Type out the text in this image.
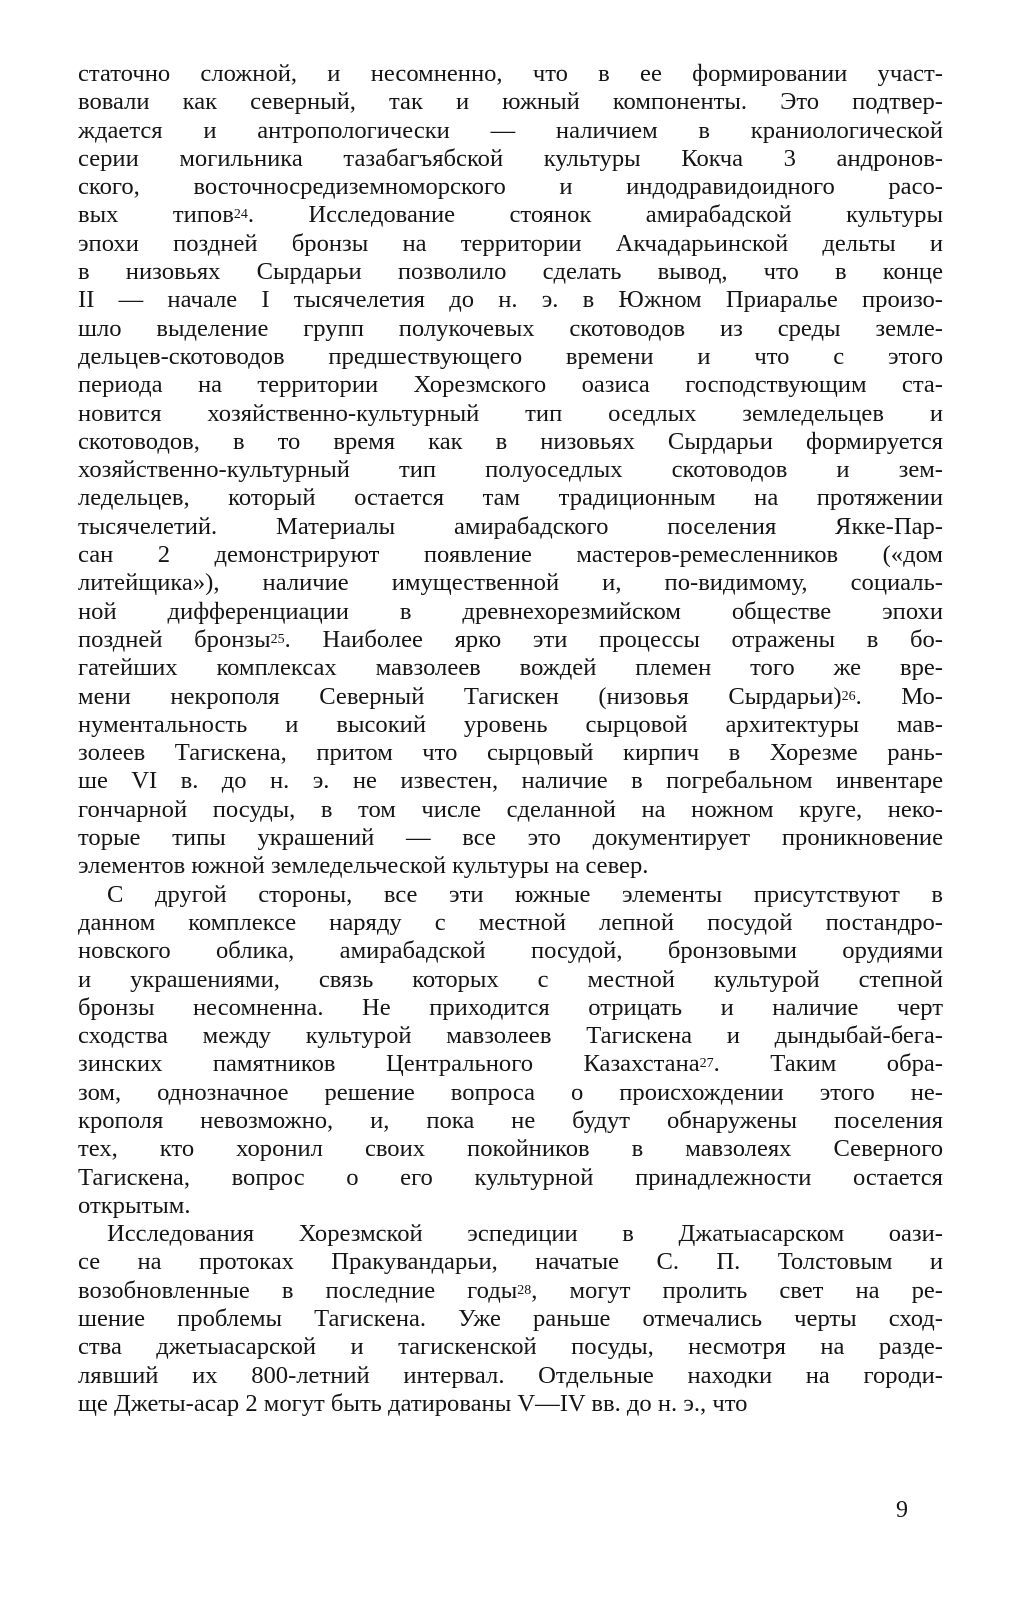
статочно сложной, и несомненно, что в ее формировании участ-
вовали как северный, так и южный компоненты. Это подтвер-
ждается и антропологически — наличием в краниологической
серии могильника тазабагъябской культуры Кокча 3 андронов-
ского, восточносредиземноморского и индодравидоидного расо-
вых типов$^{24}$. Исследование стоянок амирабадской культуры
эпохи поздней бронзы на территории Акчадарьинской дельты и
в низовьях Сырдарьи позволило сделать вывод, что в конце
II — начале I тысячелетия до н. э. в Южном Приаралье произо-
шло выделение групп полукочевых скотоводов из среды земле-
дельцев-скотоводов предшествующего времени и что с этого
периода на территории Хорезмского оазиса господствующим ста-
новится хозяйственно-культурный тип оседлых земледельцев и
скотоводов, в то время как в низовьях Сырдарьи формируется
хозяйственно-культурный тип полуоседлых скотоводов и зем-
ледельцев, который остается там традиционным на протяжении
тысячелетий. Материалы амирабадского поселения Якке-Пар-
сан 2 демонстрируют появление мастеров-ремесленников («дом
литейщика»), наличие имущественной и, по-видимому, социаль-
ной дифференциации в древнехорезмийском обществе эпохи
поздней бронзы$^{25}$. Наиболее ярко эти процессы отражены в бо-
гатейших комплексах мавзолеев вождей племен того же вре-
мени некрополя Северный Тагискен (низовья Сырдарьи)$^{26}$. Мо-
нументальность и высокий уровень сырцовой архитектуры мав-
золеев Тагискена, притом что сырцовый кирпич в Хорезме рань-
ше VI в. до н. э. не известен, наличие в погребальном инвентаре
гончарной посуды, в том числе сделанной на ножном круге, неко-
торые типы украшений — все это документирует проникновение
элементов южной земледельческой культуры на север.
С другой стороны, все эти южные элементы присутствуют в
данном комплексе наряду с местной лепной посудой постандро-
новского облика, амирабадской посудой, бронзовыми орудиями
и украшениями, связь которых с местной культурой степной
бронзы несомненна. Не приходится отрицать и наличие черт
сходства между культурой мавзолеев Тагискена и дындыбай-бега-
зинских памятников Центрального Казахстана$^{27}$. Таким обра-
зом, однозначное решение вопроса о происхождении этого не-
крополя невозможно, и, пока не будут обнаружены поселения
тех, кто хоронил своих покойников в мавзолеях Северного
Тагискена, вопрос о его культурной принадлежности остается
открытым.
Исследования Хорезмской эспедиции в Джатыасарском оази-
се на протоках Пракувандарьи, начатые С. П. Толстовым и
возобновленные в последние годы$^{28}$, могут пролить свет на ре-
шение проблемы Тагискена. Уже раньше отмечались черты сход-
ства джетыасарской и тагискенской посуды, несмотря на разде-
лявший их 800-летний интервал. Отдельные находки на городи-
ще Джеты-асар 2 могут быть датированы V—IV вв. до н. э., что
9
